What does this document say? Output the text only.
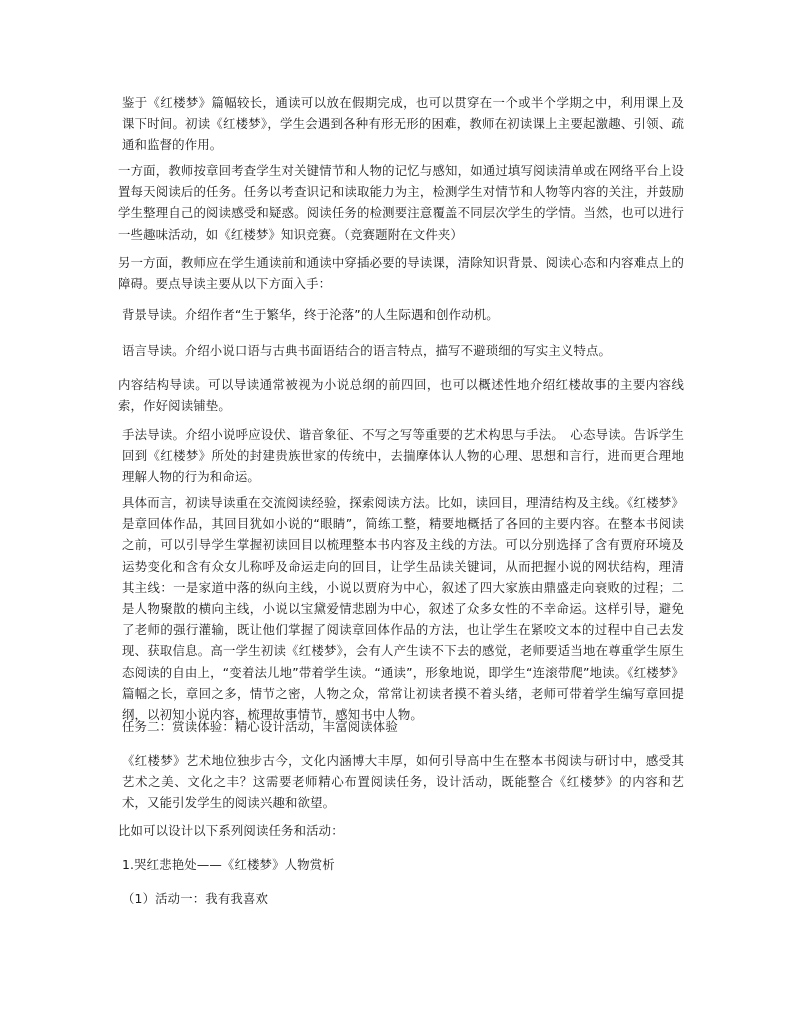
鉴于《红楼梦》篇幅较长，通读可以放在假期完成，也可以贯穿在一个或半个学期之中，利用课上及课下时间。初读《红楼梦》，学生会遇到各种有形无形的困难，教师在初读课上主要起激趣、引领、疏通和监督的作用。

一方面，教师按章回考查学生对关键情节和人物的记忆与感知，如通过填写阅读清单或在网络平台上设置每天阅读后的任务。任务以考查识记和读取能力为主，检测学生对情节和人物等内容的关注，并鼓励学生整理自己的阅读感受和疑惑。阅读任务的检测要注意覆盖不同层次学生的学情。当然，也可以进行一些趣味活动，如《红楼梦》知识竞赛。（竞赛题附在文件夹）

另一方面，教师应在学生通读前和通读中穿插必要的导读课，清除知识背景、阅读心态和内容难点上的障碍。要点导读主要从以下方面入手：

背景导读。介绍作者“生于繁华，终于沦落”的人生际遇和创作动机。

语言导读。介绍小说口语与古典书面语结合的语言特点，描写不避琐细的写实主义特点。

内容结构导读。可以导读通常被视为小说总纲的前四回，也可以概述性地介绍红楼故事的主要内容线索，作好阅读铺垫。

手法导读。介绍小说呼应设伏、谐音象征、不写之写等重要的艺术构思与手法。　心态导读。告诉学生回到《红楼梦》所处的封建贵族世家的传统中，去揣摩体认人物的心理、思想和言行，进而更合理地理解人物的行为和命运。

具体而言，初读导读重在交流阅读经验，探索阅读方法。比如，读回目，理清结构及主线。《红楼梦》是章回体作品，其回目犹如小说的“眼睛”，简练工整，精要地概括了各回的主要内容。在整本书阅读之前，可以引导学生掌握初读回目以梳理整本书内容及主线的方法。可以分别选择了含有贾府环境及运势变化和含有众女儿称呼及命运走向的回目，让学生品读关键词，从而把握小说的网状结构，理清其主线：一是家道中落的纵向主线，小说以贾府为中心，叙述了四大家族由鼎盛走向衰败的过程；二是人物聚散的横向主线，小说以宝黛爱情悲剧为中心，叙述了众多女性的不幸命运。这样引导，避免了老师的强行灌输，既让他们掌握了阅读章回体作品的方法，也让学生在紧咬文本的过程中自己去发现、获取信息。高一学生初读《红楼梦》，会有人产生读不下去的感觉，老师要适当地在尊重学生原生态阅读的自由上，“变着法儿地”带着学生读。“通读”，形象地说，即学生“连滚带爬”地读。《红楼梦》篇幅之长，章回之多，情节之密，人物之众，常常让初读者摸不着头绪，老师可带着学生编写章回提纲，以初知小说内容，梳理故事情节，感知书中人物。

任务二：赏读体验：精心设计活动，丰富阅读体验

《红楼梦》艺术地位独步古今，文化内涵博大丰厚，如何引导高中生在整本书阅读与研讨中，感受其艺术之美、文化之丰？这需要老师精心布置阅读任务，设计活动，既能整合《红楼梦》的内容和艺术，又能引发学生的阅读兴趣和欲望。

比如可以设计以下系列阅读任务和活动：

1.哭红悲艳处——《红楼梦》人物赏析

（1）活动一：我有我喜欢
